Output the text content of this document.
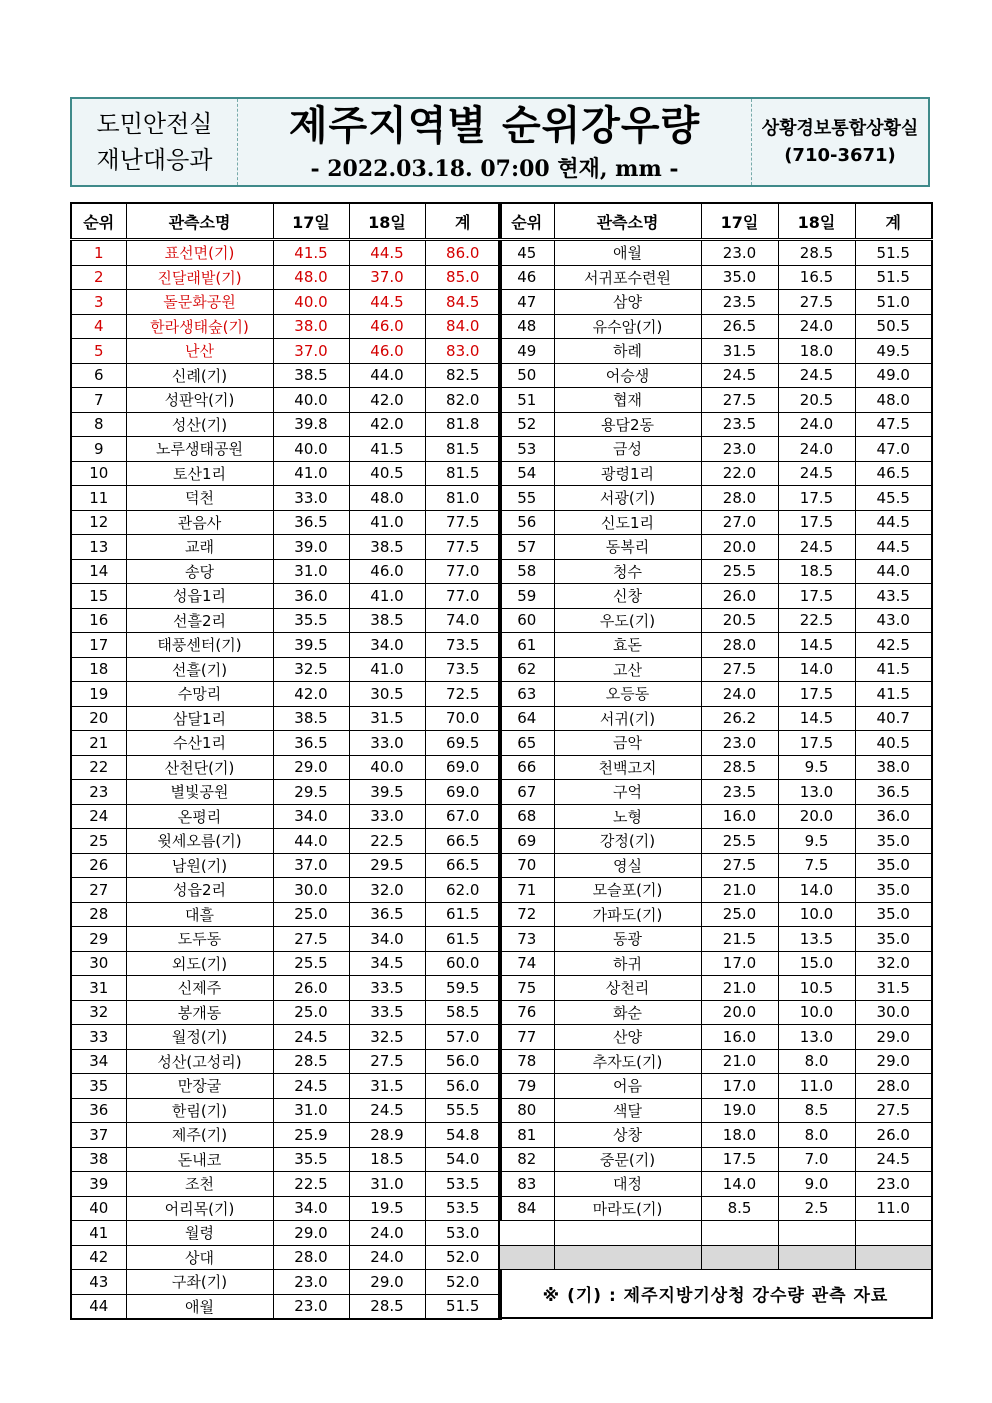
도민안전실
재난대응과
제주지역별 순위강우량
- 2022.03.18. 07:00 현재, mm -
상황경보통합상황실
(710-3671)
순위	관측소명	17일	18일	계
1	표선면(기)	41.5	44.5	86.0
2	진달래밭(기)	48.0	37.0	85.0
3	돌문화공원	40.0	44.5	84.5
4	한라생태숲(기)	38.0	46.0	84.0
5	난산	37.0	46.0	83.0
6	신례(기)	38.5	44.0	82.5
7	성판악(기)	40.0	42.0	82.0
8	성산(기)	39.8	42.0	81.8
9	노루생태공원	40.0	41.5	81.5
10	토산1리	41.0	40.5	81.5
11	덕천	33.0	48.0	81.0
12	관음사	36.5	41.0	77.5
13	교래	39.0	38.5	77.5
14	송당	31.0	46.0	77.0
15	성읍1리	36.0	41.0	77.0
16	선흘2리	35.5	38.5	74.0
17	태풍센터(기)	39.5	34.0	73.5
18	선흘(기)	32.5	41.0	73.5
19	수망리	42.0	30.5	72.5
20	삼달1리	38.5	31.5	70.0
21	수산1리	36.5	33.0	69.5
22	산천단(기)	29.0	40.0	69.0
23	별빛공원	29.5	39.5	69.0
24	온평리	34.0	33.0	67.0
25	윗세오름(기)	44.0	22.5	66.5
26	남원(기)	37.0	29.5	66.5
27	성읍2리	30.0	32.0	62.0
28	대흘	25.0	36.5	61.5
29	도두동	27.5	34.0	61.5
30	외도(기)	25.5	34.5	60.0
31	신제주	26.0	33.5	59.5
32	봉개동	25.0	33.5	58.5
33	월정(기)	24.5	32.5	57.0
34	성산(고성리)	28.5	27.5	56.0
35	만장굴	24.5	31.5	56.0
36	한림(기)	31.0	24.5	55.5
37	제주(기)	25.9	28.9	54.8
38	돈내코	35.5	18.5	54.0
39	조천	22.5	31.0	53.5
40	어리목(기)	34.0	19.5	53.5
41	월령	29.0	24.0	53.0
42	상대	28.0	24.0	52.0
43	구좌(기)	23.0	29.0	52.0
44	애월	23.0	28.5	51.5
순위	관측소명	17일	18일	계
45	애월	23.0	28.5	51.5
46	서귀포수련원	35.0	16.5	51.5
47	삼양	23.5	27.5	51.0
48	유수암(기)	26.5	24.0	50.5
49	하례	31.5	18.0	49.5
50	어승생	24.5	24.5	49.0
51	협재	27.5	20.5	48.0
52	용담2동	23.5	24.0	47.5
53	금성	23.0	24.0	47.0
54	광령1리	22.0	24.5	46.5
55	서광(기)	28.0	17.5	45.5
56	신도1리	27.0	17.5	44.5
57	동복리	20.0	24.5	44.5
58	청수	25.5	18.5	44.0
59	신창	26.0	17.5	43.5
60	우도(기)	20.5	22.5	43.0
61	효돈	28.0	14.5	42.5
62	고산	27.5	14.0	41.5
63	오등동	24.0	17.5	41.5
64	서귀(기)	26.2	14.5	40.7
65	금악	23.0	17.5	40.5
66	천백고지	28.5	9.5	38.0
67	구억	23.5	13.0	36.5
68	노형	16.0	20.0	36.0
69	강정(기)	25.5	9.5	35.0
70	영실	27.5	7.5	35.0
71	모슬포(기)	21.0	14.0	35.0
72	가파도(기)	25.0	10.0	35.0
73	동광	21.5	13.5	35.0
74	하귀	17.0	15.0	32.0
75	상천리	21.0	10.5	31.5
76	화순	20.0	10.0	30.0
77	산양	16.0	13.0	29.0
78	추자도(기)	21.0	8.0	29.0
79	어음	17.0	11.0	28.0
80	색달	19.0	8.5	27.5
81	상창	18.0	8.0	26.0
82	중문(기)	17.5	7.0	24.5
83	대정	14.0	9.0	23.0
84	마라도(기)	8.5	2.5	11.0

※ (기) : 제주지방기상청 강수량 관측 자료				
